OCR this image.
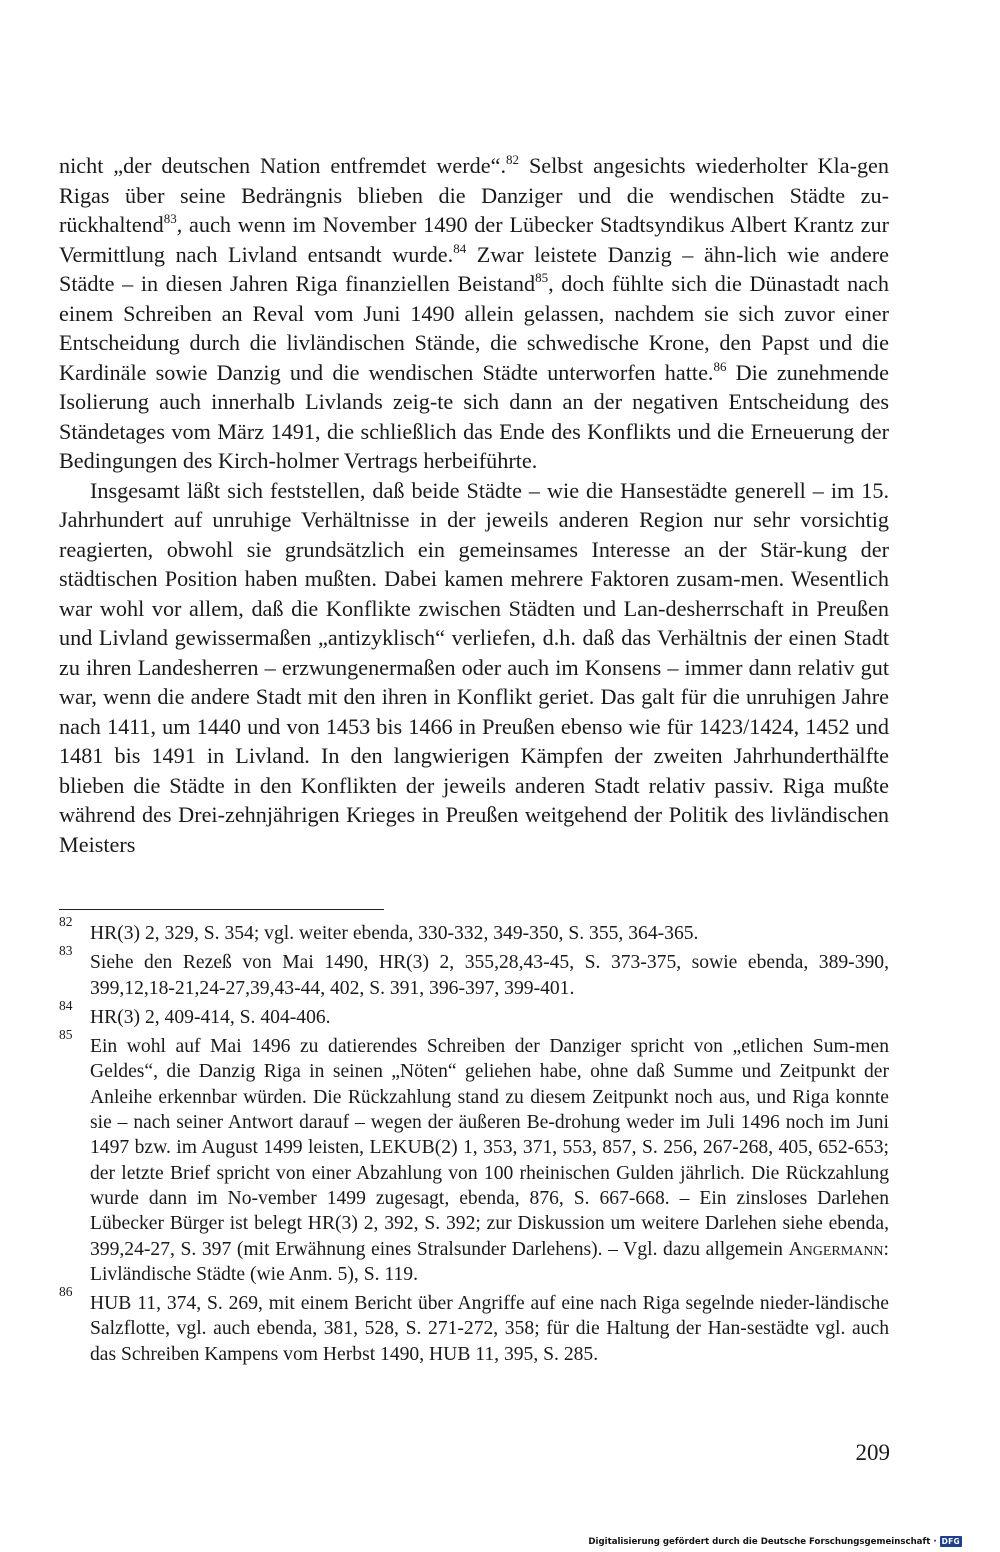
nicht „der deutschen Nation entfremdet werde“.$^{82}$ Selbst angesichts wiederholter Kla-gen Rigas über seine Bedrängnis blieben die Danziger und die wendischen Städte zu-rückhaltend$^{83}$, auch wenn im November 1490 der Lübecker Stadtsyndikus Albert Krantz zur Vermittlung nach Livland entsandt wurde.$^{84}$ Zwar leistete Danzig – ähn-lich wie andere Städte – in diesen Jahren Riga finanziellen Beistand$^{85}$, doch fühlte sich die Dünastadt nach einem Schreiben an Reval vom Juni 1490 allein gelassen, nachdem sie sich zuvor einer Entscheidung durch die livländischen Stände, die schwedische Krone, den Papst und die Kardinäle sowie Danzig und die wendischen Städte unterworfen hatte.$^{86}$ Die zunehmende Isolierung auch innerhalb Livlands zeig-te sich dann an der negativen Entscheidung des Ständetages vom März 1491, die schließlich das Ende des Konflikts und die Erneuerung der Bedingungen des Kirch-holmer Vertrags herbeiführte.

Insgesamt läßt sich feststellen, daß beide Städte – wie die Hansestädte generell – im 15. Jahrhundert auf unruhige Verhältnisse in der jeweils anderen Region nur sehr vorsichtig reagierten, obwohl sie grundsätzlich ein gemeinsames Interesse an der Stär-kung der städtischen Position haben mußten. Dabei kamen mehrere Faktoren zusam-men. Wesentlich war wohl vor allem, daß die Konflikte zwischen Städten und Lan-desherrschaft in Preußen und Livland gewissermaßen „antizyklisch“ verliefen, d.h. daß das Verhältnis der einen Stadt zu ihren Landesherren – erzwungenermaßen oder auch im Konsens – immer dann relativ gut war, wenn die andere Stadt mit den ihren in Konflikt geriet. Das galt für die unruhigen Jahre nach 1411, um 1440 und von 1453 bis 1466 in Preußen ebenso wie für 1423/1424, 1452 und 1481 bis 1491 in Livland. In den langwierigen Kämpfen der zweiten Jahrhunderthälfte blieben die Städte in den Konflikten der jeweils anderen Stadt relativ passiv. Riga mußte während des Drei-zehnjährigen Krieges in Preußen weitgehend der Politik des livländischen Meisters

82
HR(3) 2, 329, S. 354; vgl. weiter ebenda, 330-332, 349-350, S. 355, 364-365.
83
Siehe den Rezeß von Mai 1490, HR(3) 2, 355,28,43-45, S. 373-375, sowie ebenda, 389-390, 399,12,18-21,24-27,39,43-44, 402, S. 391, 396-397, 399-401.
84
HR(3) 2, 409-414, S. 404-406.
85
Ein wohl auf Mai 1496 zu datierendes Schreiben der Danziger spricht von „etlichen Sum-men Geldes“, die Danzig Riga in seinen „Nöten“ geliehen habe, ohne daß Summe und Zeitpunkt der Anleihe erkennbar würden. Die Rückzahlung stand zu diesem Zeitpunkt noch aus, und Riga konnte sie – nach seiner Antwort darauf – wegen der äußeren Be-drohung weder im Juli 1496 noch im Juni 1497 bzw. im August 1499 leisten, LEKUB(2) 1, 353, 371, 553, 857, S. 256, 267-268, 405, 652-653; der letzte Brief spricht von einer Abzahlung von 100 rheinischen Gulden jährlich. Die Rückzahlung wurde dann im No-vember 1499 zugesagt, ebenda, 876, S. 667-668. – Ein zinsloses Darlehen Lübecker Bürger ist belegt HR(3) 2, 392, S. 392; zur Diskussion um weitere Darlehen siehe ebenda, 399,24-27, S. 397 (mit Erwähnung eines Stralsunder Darlehens). – Vgl. dazu allgemein Angermann: Livländische Städte (wie Anm. 5), S. 119.
86
HUB 11, 374, S. 269, mit einem Bericht über Angriffe auf eine nach Riga segelnde nieder-ländische Salzflotte, vgl. auch ebenda, 381, 528, S. 271-272, 358; für die Haltung der Han-sestädte vgl. auch das Schreiben Kampens vom Herbst 1490, HUB 11, 395, S. 285.
209
Digitalisierung gefördert durch die Deutsche Forschungsgemeinschaft · DFG
